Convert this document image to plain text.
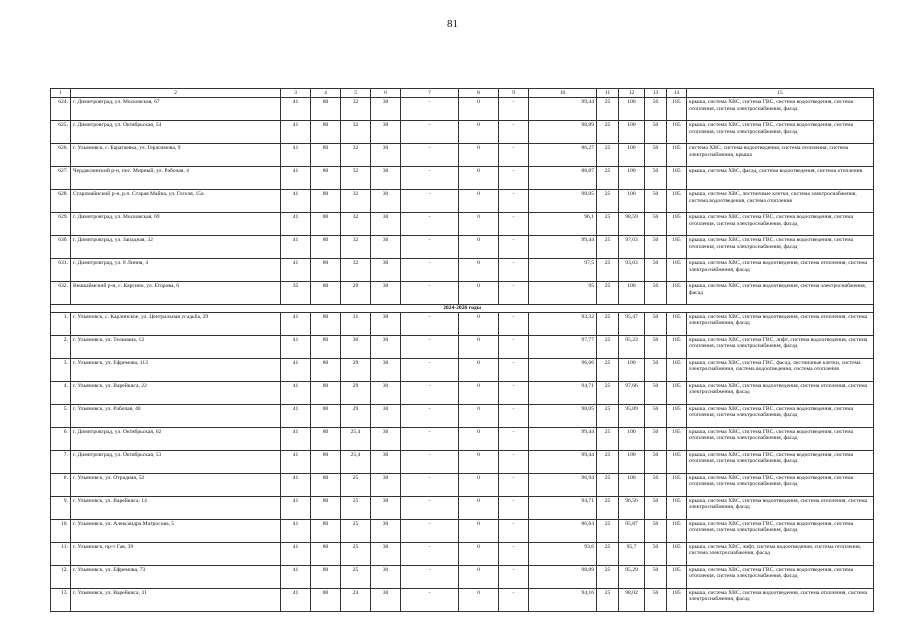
81
1	2	3	4	5	6	7	8	9	10	11	12	13	14	15
624.	г. Димитровград, ул. Московская, 67	41	80	32	30	-	0	-	99,44	25	100	50	185	крыша, система ХВС, система ГВС, система водоотведения, система отопления, система электроснабжения, фасад
625.	г. Димитровград, ул. Октябрьская, 54	41	80	32	30	-	0	-	98,89	25	100	50	185	крыша, система ХВС, система ГВС, система водоотведения, система отопления, система электроснабжения, фасад
626.	г. Ульяновск, с. Баратаевка, ул. Герасимова, 9	41	80	32	30	-	0	-	86,27	25	100	50	185	система ХВС, система водоотведения, система отопления, система электроснабжения, крыша
627.	Чердаклинский р-н, пос. Мирный, ул. Рабочая, 4	41	80	32	30	-	0	-	88,87	25	100	50	185	крыша, система ХВС, фасад, система водоотведения, система отопления
628.	Старомайнский р-н, р.п. Старая Майна, ул. Гоголя, 15а	41	80	32	30	-	0	-	98,05	25	100	50	185	крыша, система ХВС, лестничные клетки, система электроснабжения, система водоотведения, система отопления
629.	г. Димитровград, ул. Московская, 69	41	80	32	30	-	0	-	96,1	25	98,59	50	185	крыша, система ХВС, система ГВС, система водоотведения, система отопления, система электроснабжения, фасад
630.	г. Димитровград, ул. Западная, 32	41	80	32	30	-	0	-	99,44	25	97,63	50	185	крыша, система ХВС, система ГВС, система водоотведения, система отопления, система электроснабжения, фасад
631.	г. Димитровград, ул. 8 Линия, 4	41	80	32	30	-	0	-	97,5	25	93,03	50	185	крыша, система ХВС, система водоотведения, система отопления, система электроснабжения, фасад
632.	Вешкаймский р-н, с. Каргино, ул. Егорова, 6	35	80	29	30	-	0	-	95	25	100	50	185	крыша, система ХВС, система водоотведения, система электроснабжения, фасад
2024-2026 годы														
1.	г. Ульяновск, с. Карлинское, ул. Центральная усадьба, 29	41	80	31	30	-	0	-	93,32	25	95,47	50	185	крыша, система ХВС, система водоотведения, система отопления, система электроснабжения, фасад
2.	г. Ульяновск, ул. Тельмана, 12	41	80	30	30	-	0	-	97,77	25	95,23	50	185	крыша, система ХВС, система ГВС, лифт, система водоотведения, система отопления, система электроснабжения, фасад
3.	г. Ульяновск, ул. Ефремова, 113	41	80	29	30	-	0	-	96,66	25	100	50	185	крыша, система ХВС, система ГВС, фасад, лестничные клетки, система электроснабжения, система водоотведения, система отопления
4.	г. Ульяновск, ул. Варейкиса, 22	41	80	29	30	-	0	-	94,71	25	97,66	50	185	крыша, система ХВС, система водоотведения, система отопления, система электроснабжения, фасад
5.	г. Ульяновск, ул. Рабочая, 40	41	80	29	30	-	0	-	98,05	25	95,89	50	185	крыша, система ХВС, система ГВС, система водоотведения, система отопления, система электроснабжения, фасад
6.	г. Димитровград, ул. Октябрьская, 62	41	80	25,4	30	-	0	-	99,44	25	100	50	185	крыша, система ХВС, система ГВС, система водоотведения, система отопления, система электроснабжения, фасад
7.	г. Димитровград, ул. Октябрьская, 53	41	80	25,4	30	-	0	-	99,44	25	100	50	185	крыша, система ХВС, система ГВС, система водоотведения, система отопления, система электроснабжения, фасад
8.	г. Ульяновск, ул. Отрадная, 52	41	80	25	30	-	0	-	96,94	25	100	50	185	крыша, система ХВС, система ГВС, система водоотведения, система отопления, система электроснабжения, фасад
9.	г. Ульяновск, ул. Варейкиса, 14	41	80	25	30	-	0	-	94,71	25	96,56	50	185	крыша, система ХВС, система водоотведения, система отопления, система электроснабжения, фасад
10.	г. Ульяновск, ул. Александра Матросова, 5	41	80	25	30	-	0	-	86,64	25	95,87	50	185	крыша, система ХВС, система ГВС, система водоотведения, система отопления, система электроснабжения, фасад
11.	г. Ульяновск, пр-т Гая, 39	41	80	25	30	-	0	-	93,6	25	95,7	50	185	крыша, система ХВС, лифт, система водоотведения, система отопления, система электроснабжения, фасад
12.	г. Ульяновск, ул. Ефремова, 73	41	80	25	30	-	0	-	98,89	25	95,29	50	185	крыша, система ХВС, система ГВС, система водоотведения, система отопления, система электроснабжения, фасад
13.	г. Ульяновск, ул. Варейкиса, 31	41	80	24	30	-	0	-	94,16	25	98,02	50	185	крыша, система ХВС, система водоотведения, система отопления, система электроснабжения, фасад
